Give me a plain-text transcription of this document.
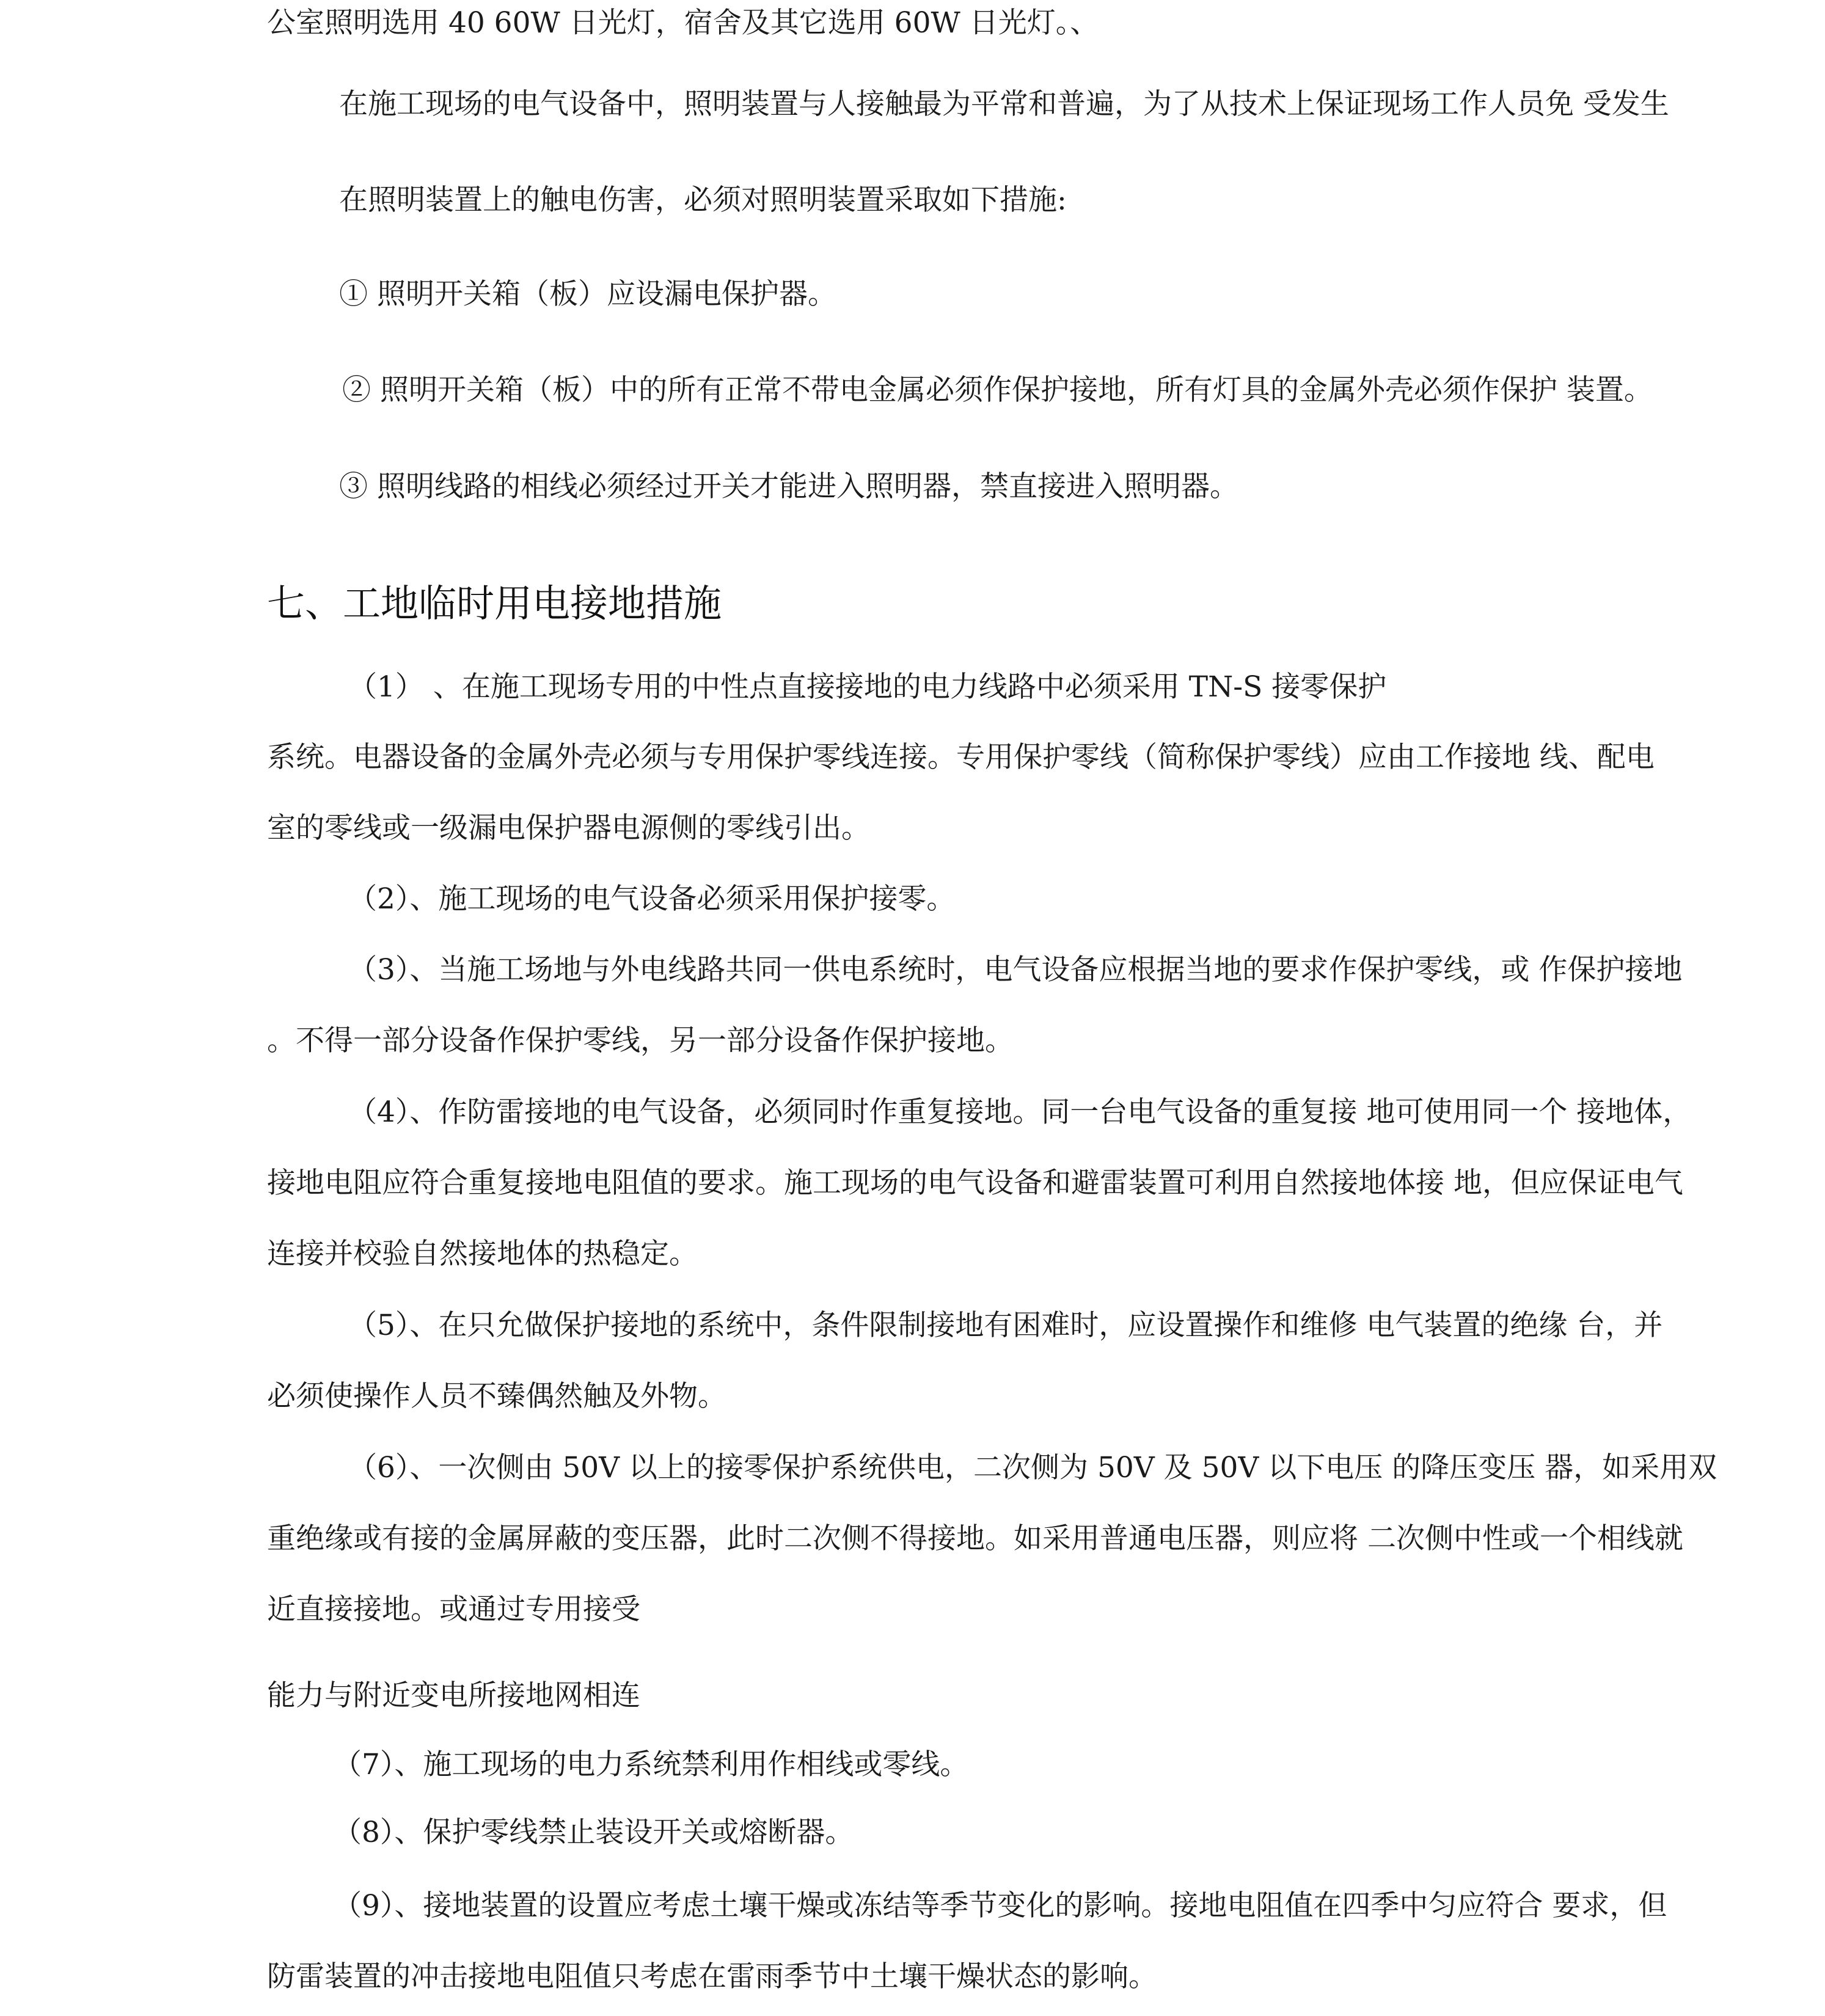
公室照明选用 40 60W 日光灯，宿舍及其它选用 60W 日光灯。、
在施工现场的电气设备中，照明装置与人接触最为平常和普遍，为了从技术上保证现场工作人员免 受发生
在照明装置上的触电伤害，必须对照明装置采取如下措施:
① 照明开关箱（板）应设漏电保护器。
② 照明开关箱（板）中的所有正常不带电金属必须作保护接地，所有灯具的金属外壳必须作保护 装置。
③ 照明线路的相线必须经过开关才能进入照明器，禁直接进入照明器。
七、工地临时用电接地措施
（1） 、在施工现场专用的中性点直接接地的电力线路中必须采用 TN-S 接零保护
系统。电器设备的金属外壳必须与专用保护零线连接。专用保护零线（简称保护零线）应由工作接地 线、配电
室的零线或一级漏电保护器电源侧的零线引出。
（2）、施工现场的电气设备必须采用保护接零。
（3）、当施工场地与外电线路共同一供电系统时，电气设备应根据当地的要求作保护零线，或 作保护接地
。不得一部分设备作保护零线，另一部分设备作保护接地。
（4）、作防雷接地的电气设备，必须同时作重复接地。同一台电气设备的重复接 地可使用同一个 接地体，
接地电阻应符合重复接地电阻值的要求。施工现场的电气设备和避雷装置可利用自然接地体接 地，但应保证电气
连接并校验自然接地体的热稳定。
（5）、在只允做保护接地的系统中，条件限制接地有困难时，应设置操作和维修 电气装置的绝缘 台，并
必须使操作人员不臻偶然触及外物。
（6）、一次侧由 50V 以上的接零保护系统供电，二次侧为 50V 及 50V 以下电压 的降压变压 器，如采用双
重绝缘或有接的金属屏蔽的变压器，此时二次侧不得接地。如采用普通电压器，则应将 二次侧中性或一个相线就
近直接接地。或通过专用接受
能力与附近变电所接地网相连
（7）、施工现场的电力系统禁利用作相线或零线。
（8）、保护零线禁止装设开关或熔断器。
（9）、接地装置的设置应考虑土壤干燥或冻结等季节变化的影响。接地电阻值在四季中匀应符合 要求，但
防雷装置的冲击接地电阻值只考虑在雷雨季节中土壤干燥状态的影响。
